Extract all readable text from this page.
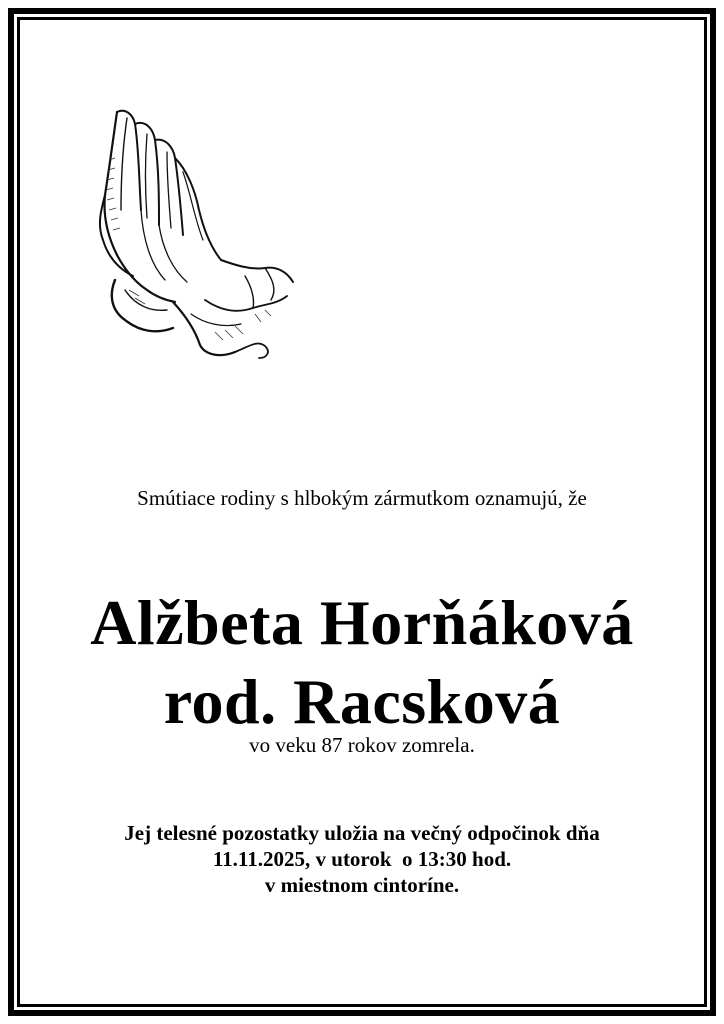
Smútiace rodiny s hlbokým zármutkom oznamujú, že
Alžbeta Horňáková
rod. Racsková
vo veku 87 rokov zomrela.
Jej telesné pozostatky uložia na večný odpočinok dňa
11.11.2025, v utorok  o 13:30 hod.
v miestnom cintoríne.
